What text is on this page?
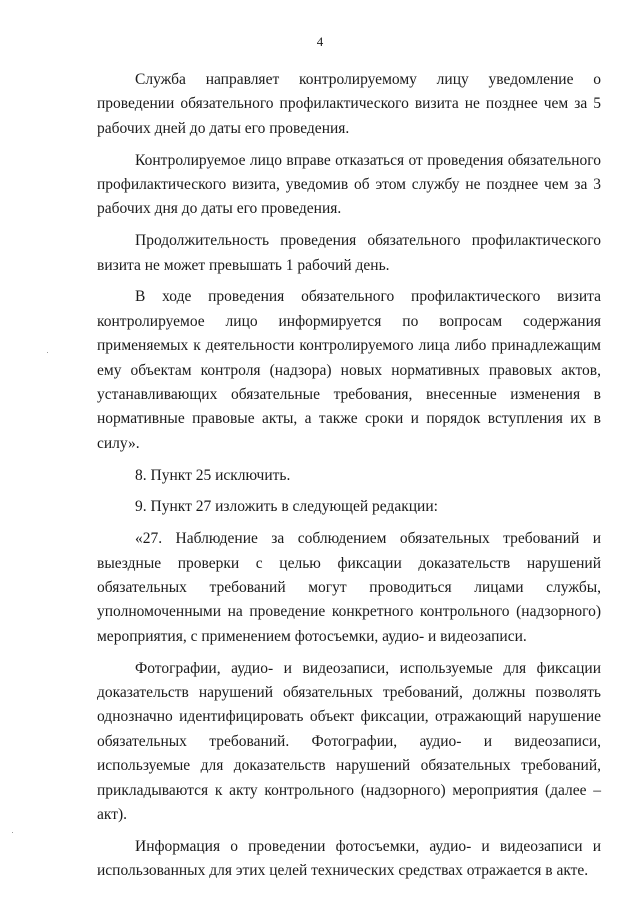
4

Служба направляет контролируемому лицу уведомление о проведении обязательного профилактического визита не позднее чем за 5 рабочих дней до даты его проведения.

Контролируемое лицо вправе отказаться от проведения обязательного профилактического визита, уведомив об этом службу не позднее чем за 3 рабочих дня до даты его проведения.

Продолжительность проведения обязательного профилактического визита не может превышать 1 рабочий день.

В ходе проведения обязательного профилактического визита контролируемое лицо информируется по вопросам содержания применяемых к деятельности контролируемого лица либо принадлежащим ему объектам контроля (надзора) новых нормативных правовых актов, устанавливающих обязательные требования, внесенные изменения в нормативные правовые акты, а также сроки и порядок вступления их в силу».

8. Пункт 25 исключить.

9. Пункт 27 изложить в следующей редакции:

«27. Наблюдение за соблюдением обязательных требований и выездные проверки с целью фиксации доказательств нарушений обязательных требований могут проводиться лицами службы, уполномоченными на проведение конкретного контрольного (надзорного) мероприятия, с применением фотосъемки, аудио- и видеозаписи.

Фотографии, аудио- и видеозаписи, используемые для фиксации доказательств нарушений обязательных требований, должны позволять однозначно идентифицировать объект фиксации, отражающий нарушение обязательных требований. Фотографии, аудио- и видеозаписи, используемые для доказательств нарушений обязательных требований, прикладываются к акту контрольного (надзорного) мероприятия (далее – акт).

Информация о проведении фотосъемки, аудио- и видеозаписи и использованных для этих целей технических средствах отражается в акте.
